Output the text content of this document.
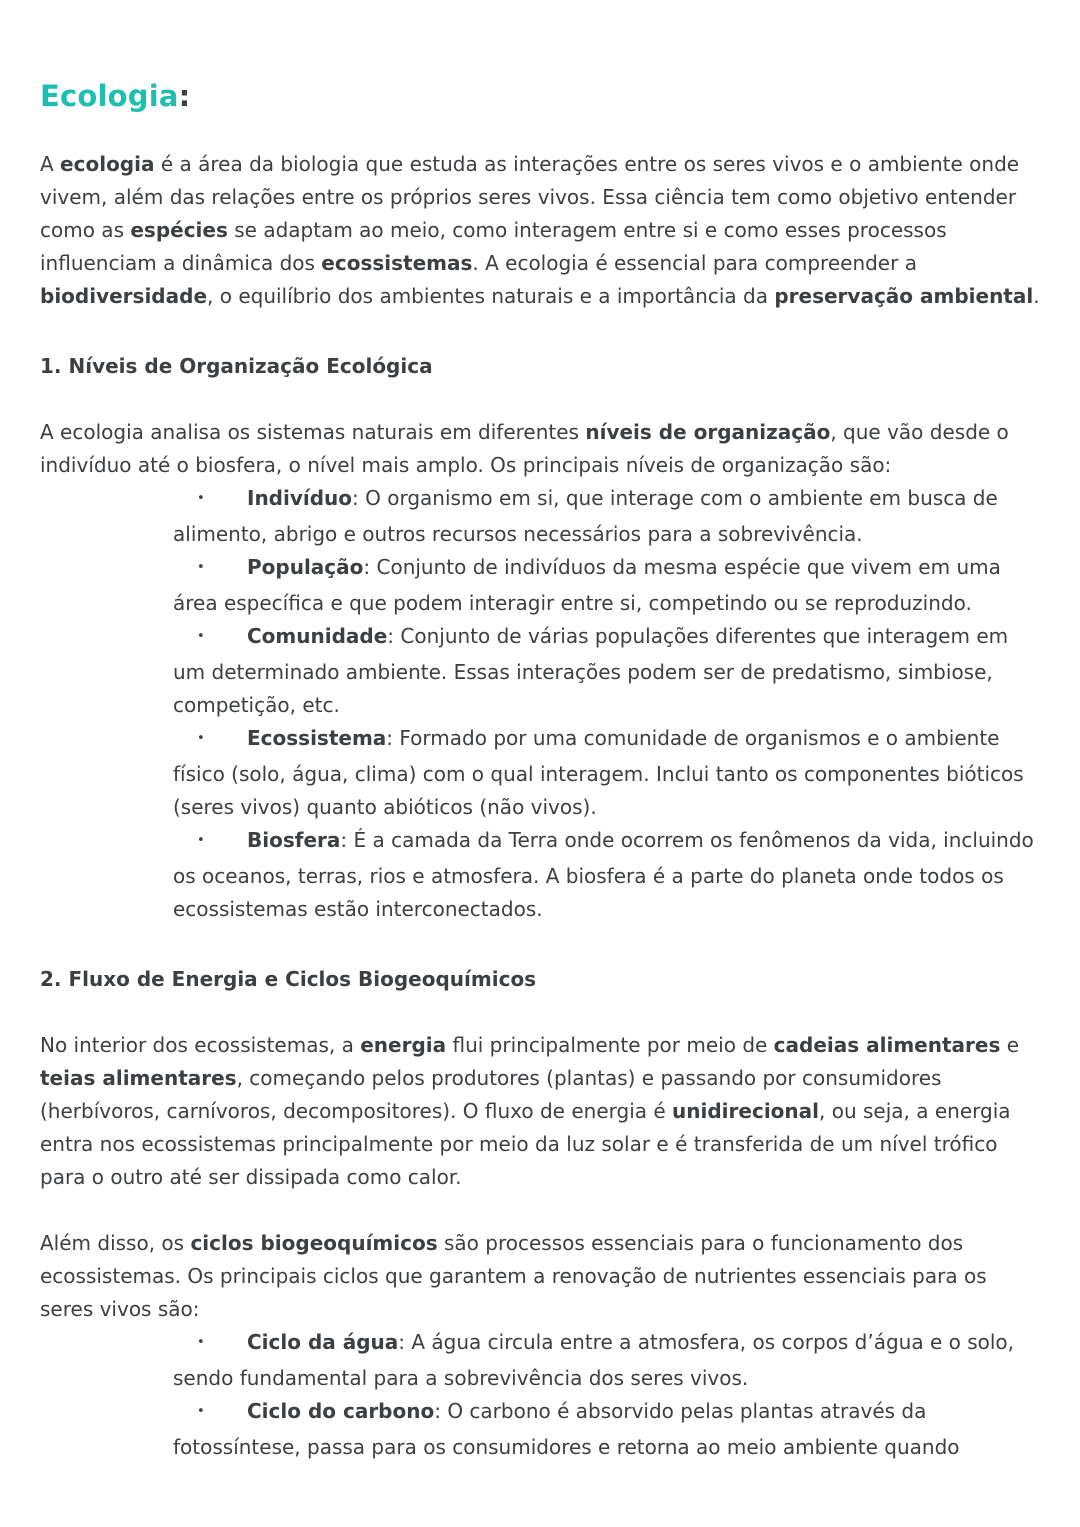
Ecologia:

A ecologia é a área da biologia que estuda as interações entre os seres vivos e o ambiente onde vivem, além das relações entre os próprios seres vivos. Essa ciência tem como objetivo entender como as espécies se adaptam ao meio, como interagem entre si e como esses processos influenciam a dinâmica dos ecossistemas. A ecologia é essencial para compreender a biodiversidade, o equilíbrio dos ambientes naturais e a importância da preservação ambiental.

1. Níveis de Organização Ecológica

A ecologia analisa os sistemas naturais em diferentes níveis de organização, que vão desde o indivíduo até o biosfera, o nível mais amplo. Os principais níveis de organização são:

• Indivíduo: O organismo em si, que interage com o ambiente em busca de alimento, abrigo e outros recursos necessários para a sobrevivência.
• População: Conjunto de indivíduos da mesma espécie que vivem em uma área específica e que podem interagir entre si, competindo ou se reproduzindo.
• Comunidade: Conjunto de várias populações diferentes que interagem em um determinado ambiente. Essas interações podem ser de predatismo, simbiose, competição, etc.
• Ecossistema: Formado por uma comunidade de organismos e o ambiente físico (solo, água, clima) com o qual interagem. Inclui tanto os componentes bióticos (seres vivos) quanto abióticos (não vivos).
• Biosfera: É a camada da Terra onde ocorrem os fenômenos da vida, incluindo os oceanos, terras, rios e atmosfera. A biosfera é a parte do planeta onde todos os ecossistemas estão interconectados.
2. Fluxo de Energia e Ciclos Biogeoquímicos

No interior dos ecossistemas, a energia flui principalmente por meio de cadeias alimentares e teias alimentares, começando pelos produtores (plantas) e passando por consumidores (herbívoros, carnívoros, decompositores). O fluxo de energia é unidirecional, ou seja, a energia entra nos ecossistemas principalmente por meio da luz solar e é transferida de um nível trófico para o outro até ser dissipada como calor.

Além disso, os ciclos biogeoquímicos são processos essenciais para o funcionamento dos ecossistemas. Os principais ciclos que garantem a renovação de nutrientes essenciais para os seres vivos são:

• Ciclo da água: A água circula entre a atmosfera, os corpos d’água e o solo, sendo fundamental para a sobrevivência dos seres vivos.
• Ciclo do carbono: O carbono é absorvido pelas plantas através da fotossíntese, passa para os consumidores e retorna ao meio ambiente quando
